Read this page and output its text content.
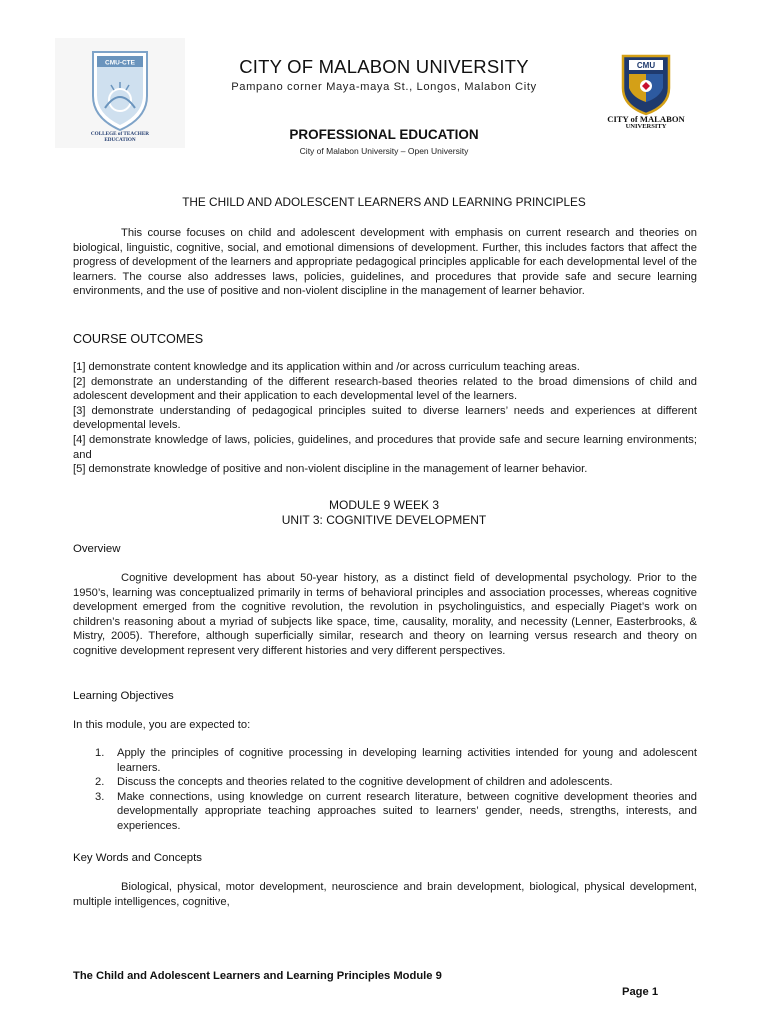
CMU-CTE
COLLEGE of TEACHER EDUCATION
CITY OF MALABON UNIVERSITY
Pampano corner Maya-maya St., Longos, Malabon City
CMU
CITY of MALABON
UNIVERSITY
PROFESSIONAL EDUCATION
City of Malabon University – Open University
THE CHILD AND ADOLESCENT LEARNERS AND LEARNING PRINCIPLES
This course focuses on child and adolescent development with emphasis on current research and theories on biological, linguistic, cognitive, social, and emotional dimensions of development. Further, this includes factors that affect the progress of development of the learners and appropriate pedagogical principles applicable for each developmental level of the learners. The course also addresses laws, policies, guidelines, and procedures that provide safe and secure learning environments, and the use of positive and non-violent discipline in the management of learner behavior.
COURSE OUTCOMES
[1] demonstrate content knowledge and its application within and /or across curriculum teaching areas.
[2] demonstrate an understanding of the different research-based theories related to the broad dimensions of child and adolescent development and their application to each developmental level of the learners.
[3] demonstrate understanding of pedagogical principles suited to diverse learners’ needs and experiences at different developmental levels.
[4] demonstrate knowledge of laws, policies, guidelines, and procedures that provide safe and secure learning environments; and
[5] demonstrate knowledge of positive and non-violent discipline in the management of learner behavior.
MODULE 9 WEEK 3
UNIT 3: COGNITIVE DEVELOPMENT
Overview
Cognitive development has about 50-year history, as a distinct field of developmental psychology. Prior to the 1950’s, learning was conceptualized primarily in terms of behavioral principles and association processes, whereas cognitive development emerged from the cognitive revolution, the revolution in psycholinguistics, and especially Piaget’s work on children’s reasoning about a myriad of subjects like space, time, causality, morality, and necessity (Lenner, Easterbrooks, & Mistry, 2005). Therefore, although superficially similar, research and theory on learning versus research and theory on cognitive development represent very different histories and very different perspectives.
Learning Objectives
In this module, you are expected to:
1. Apply the principles of cognitive processing in developing learning activities intended for young and adolescent learners.
2. Discuss the concepts and theories related to the cognitive development of children and adolescents.
3. Make connections, using knowledge on current research literature, between cognitive development theories and developmentally appropriate teaching approaches suited to learners’ gender, needs, strengths, interests, and experiences.
Key Words and Concepts
Biological, physical, motor development, neuroscience and brain development, biological, physical development, multiple intelligences, cognitive,
The Child and Adolescent Learners and Learning Principles Module 9
Page 1
